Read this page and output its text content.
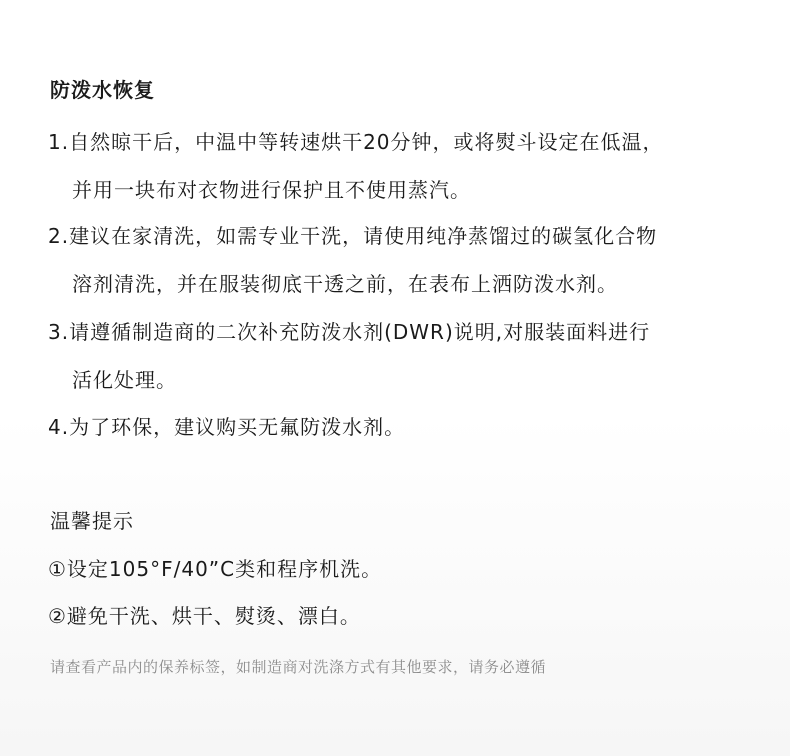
防泼水恢复
1.自然晾干后，中温中等转速烘干20分钟，或将熨斗设定在低温，
并用一块布对衣物进行保护且不使用蒸汽。
2.建议在家清洗，如需专业干洗，请使用纯净蒸馏过的碳氢化合物
溶剂清洗，并在服装彻底干透之前，在表布上洒防泼水剂。
3.请遵循制造商的二次补充防泼水剂(DWR)说明,对服装面料进行
活化处理。
4.为了环保，建议购买无氟防泼水剂。
温馨提示
①设定105°F/40”C类和程序机洗。
②避免干洗、烘干、熨烫、漂白。
请查看产品内的保养标签，如制造商对洗涤方式有其他要求，请务必遵循
